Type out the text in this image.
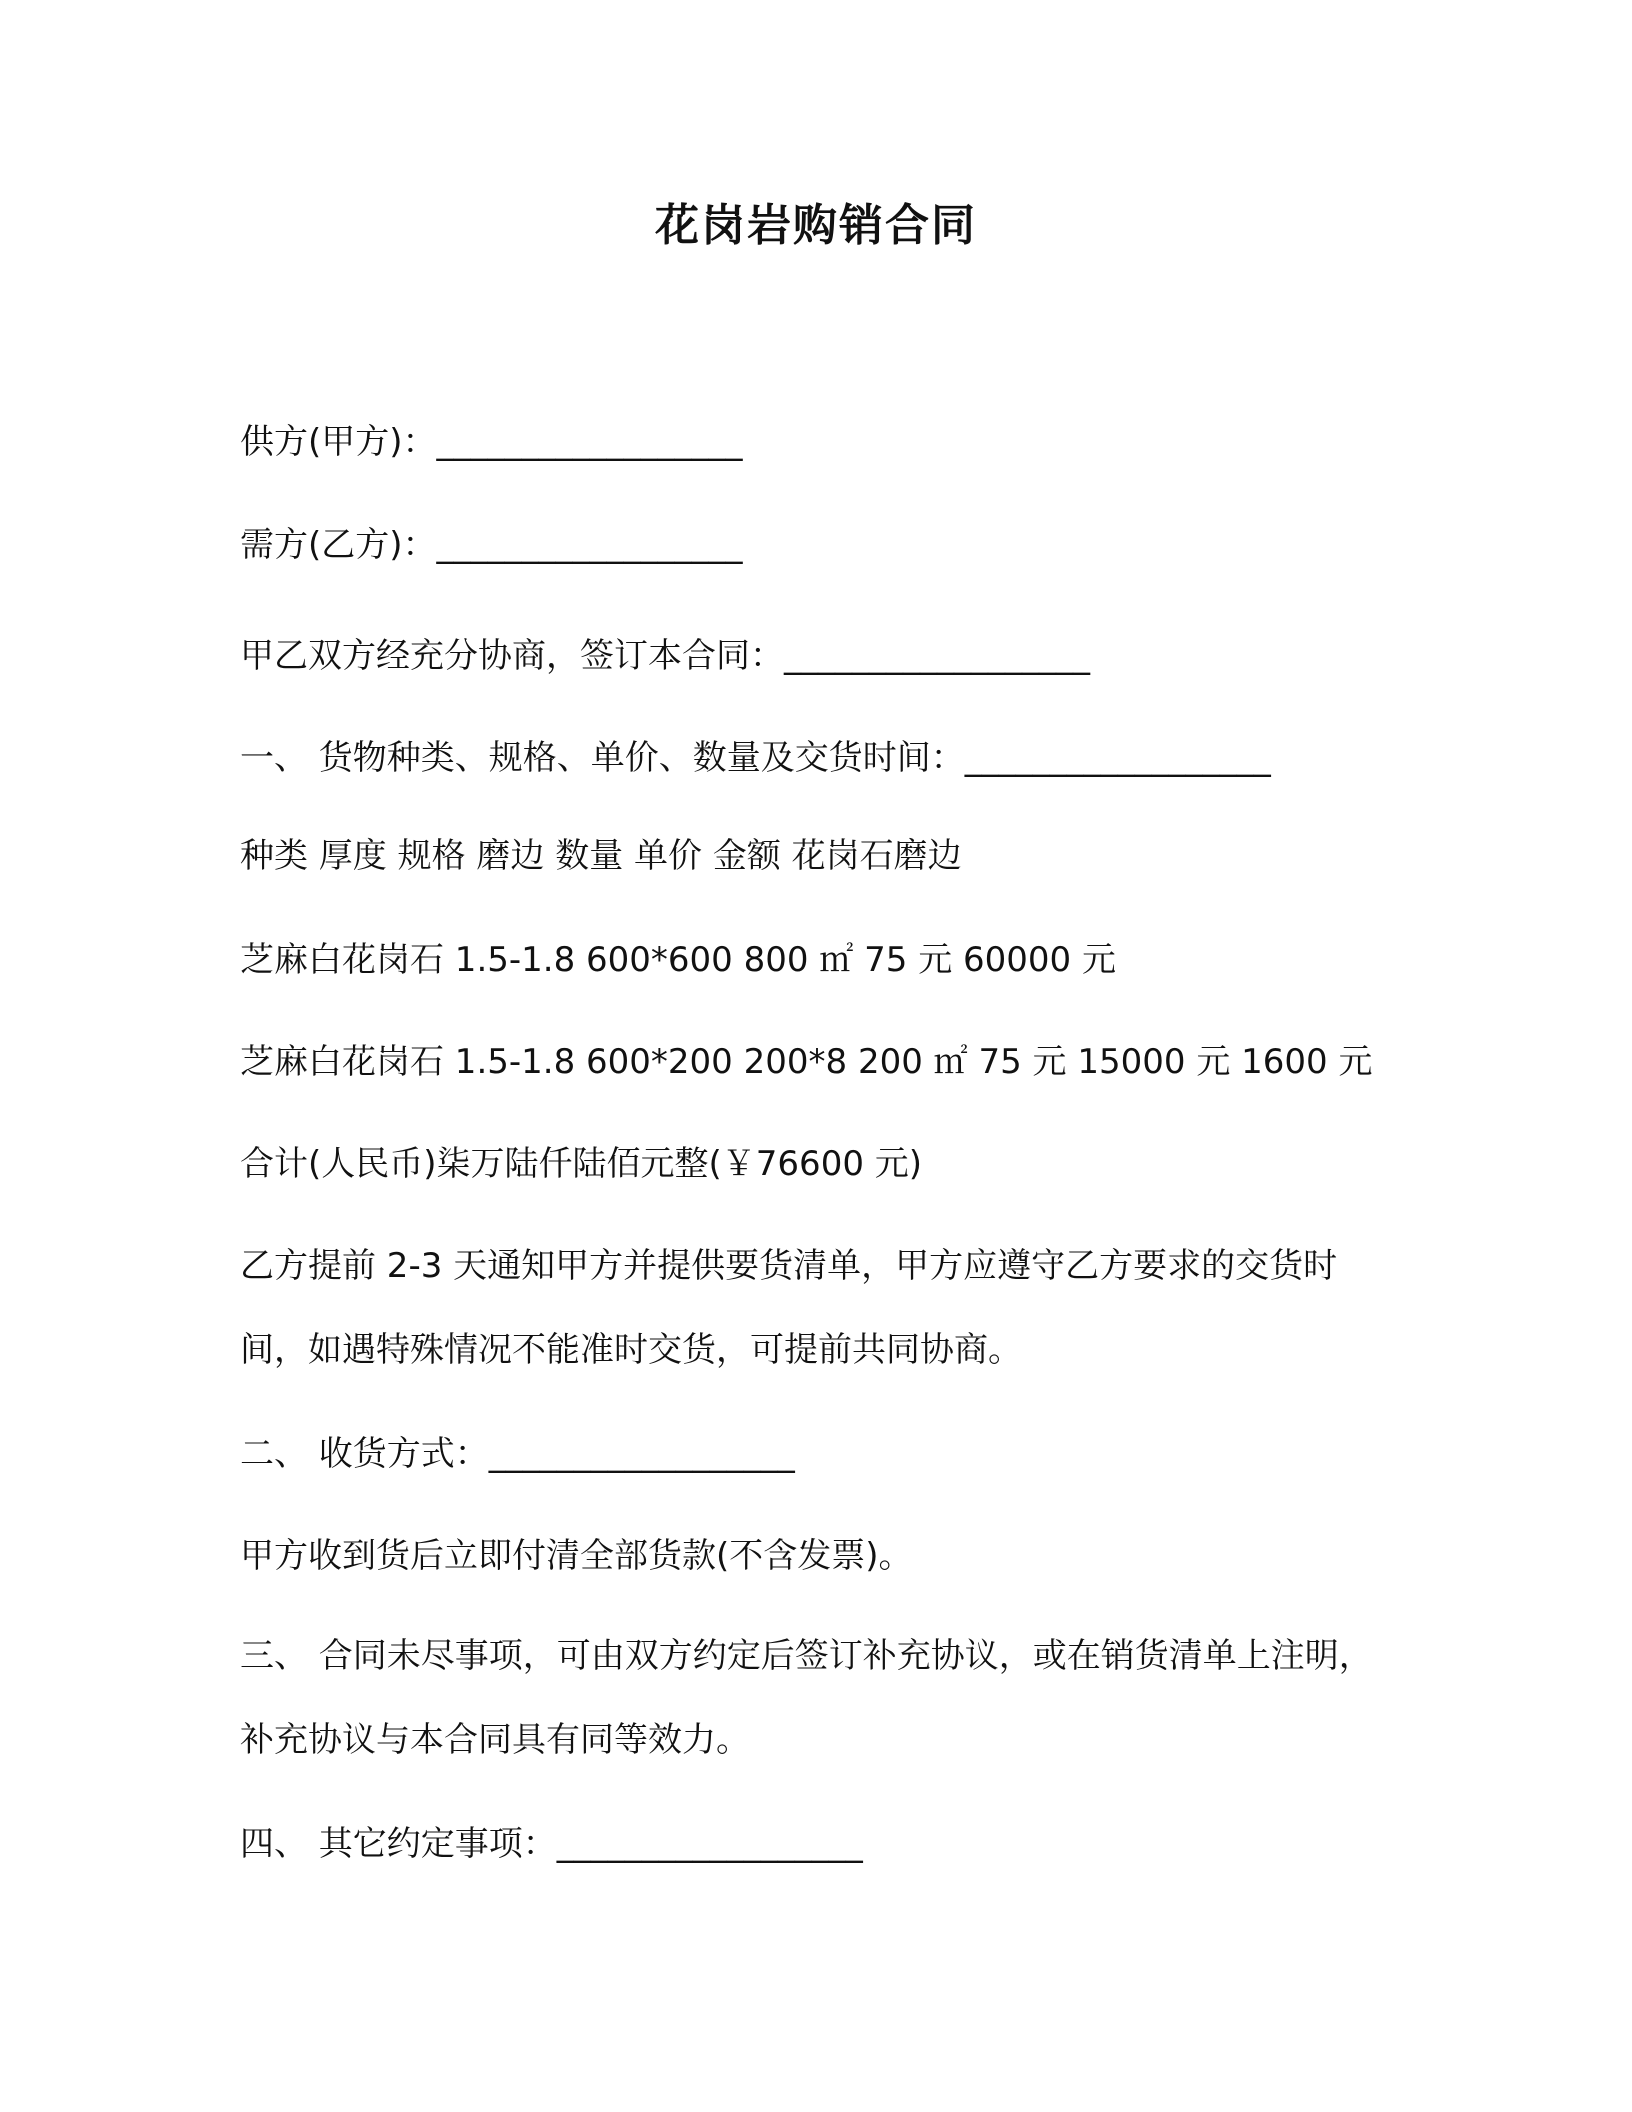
花岗岩购销合同

供方(甲方)：__________________

需方(乙方)：__________________

甲乙双方经充分协商，签订本合同：__________________

一、 货物种类、规格、单价、数量及交货时间：__________________

种类 厚度 规格 磨边 数量 单价 金额 花岗石磨边

芝麻白花岗石 1.5-1.8 600*600 800 ㎡ 75 元 60000 元

芝麻白花岗石 1.5-1.8 600*200 200*8 200 ㎡ 75 元 15000 元 1600 元

合计(人民币)柒万陆仟陆佰元整(￥76600 元)

乙方提前 2-3 天通知甲方并提供要货清单，甲方应遵守乙方要求的交货时间，如遇特殊情况不能准时交货，可提前共同协商。

二、 收货方式：__________________

甲方收到货后立即付清全部货款(不含发票)。

三、 合同未尽事项，可由双方约定后签订补充协议，或在销货清单上注明，补充协议与本合同具有同等效力。

四、 其它约定事项：__________________
